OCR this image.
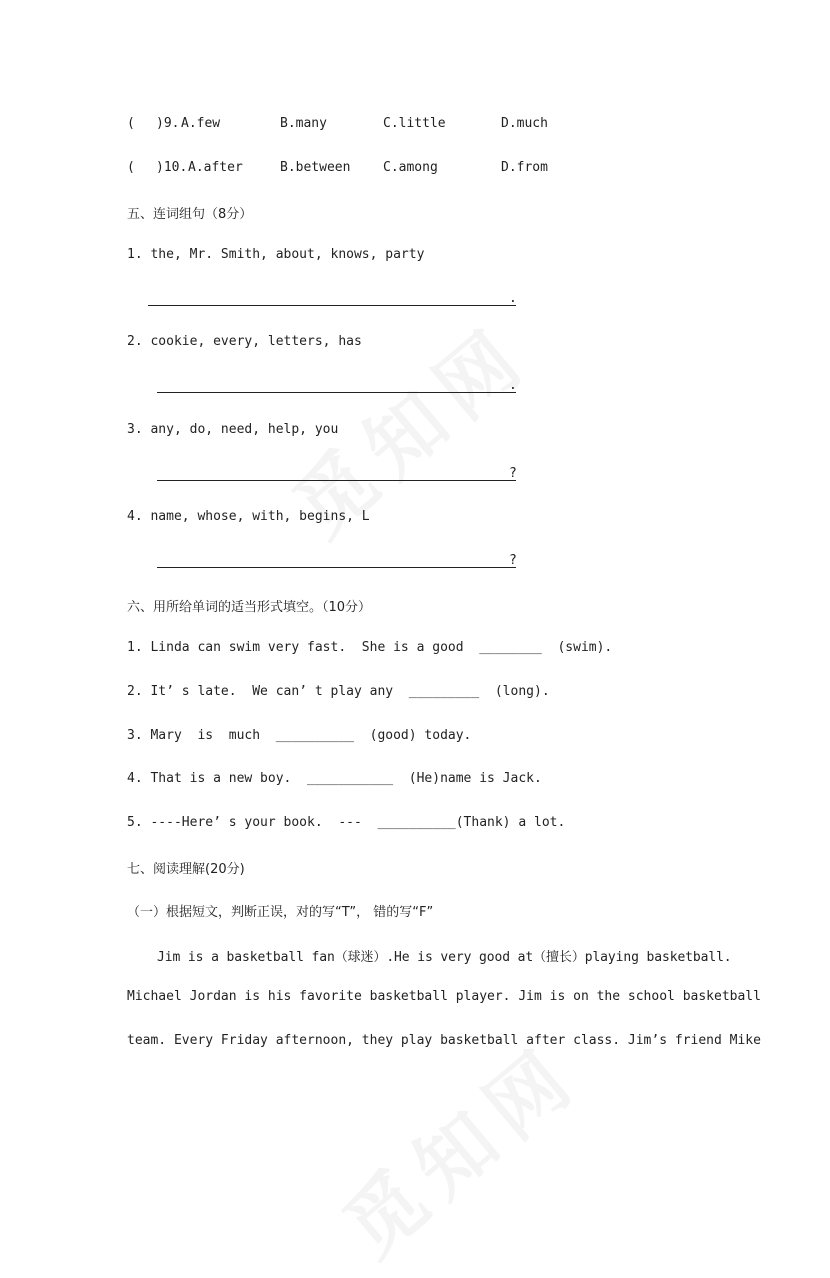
( )9. A.few	B.many	C.little	D.much
( )10. A.after	B.between	C.among	D.from
五、连词组句（8分）
1. the, Mr. Smith, about, knows, party
.
2. cookie, every, letters, has
.
3. any, do, need, help, you
?
4. name, whose, with, begins, L
?
六、用所给单词的适当形式填空。（10分）
1. Linda can swim very fast.  She is a good  ________  (swim).
2. It’ s late.  We can’ t play any  _________  (long).
3. Mary  is  much  __________  (good) today.
4. That is a new boy.  ___________  (He)name is Jack.
5. ----Here’ s your book.  ---  __________(Thank) a lot.
七、阅读理解(20分)
（一）根据短文，判断正误，对的写“T”， 错的写“F”
Jim is a basketball fan（球迷）.He is very good at（擅长）playing basketball.
Michael Jordan is his favorite basketball player. Jim is on the school basketball
team. Every Friday afternoon, they play basketball after class. Jim’s friend Mike
